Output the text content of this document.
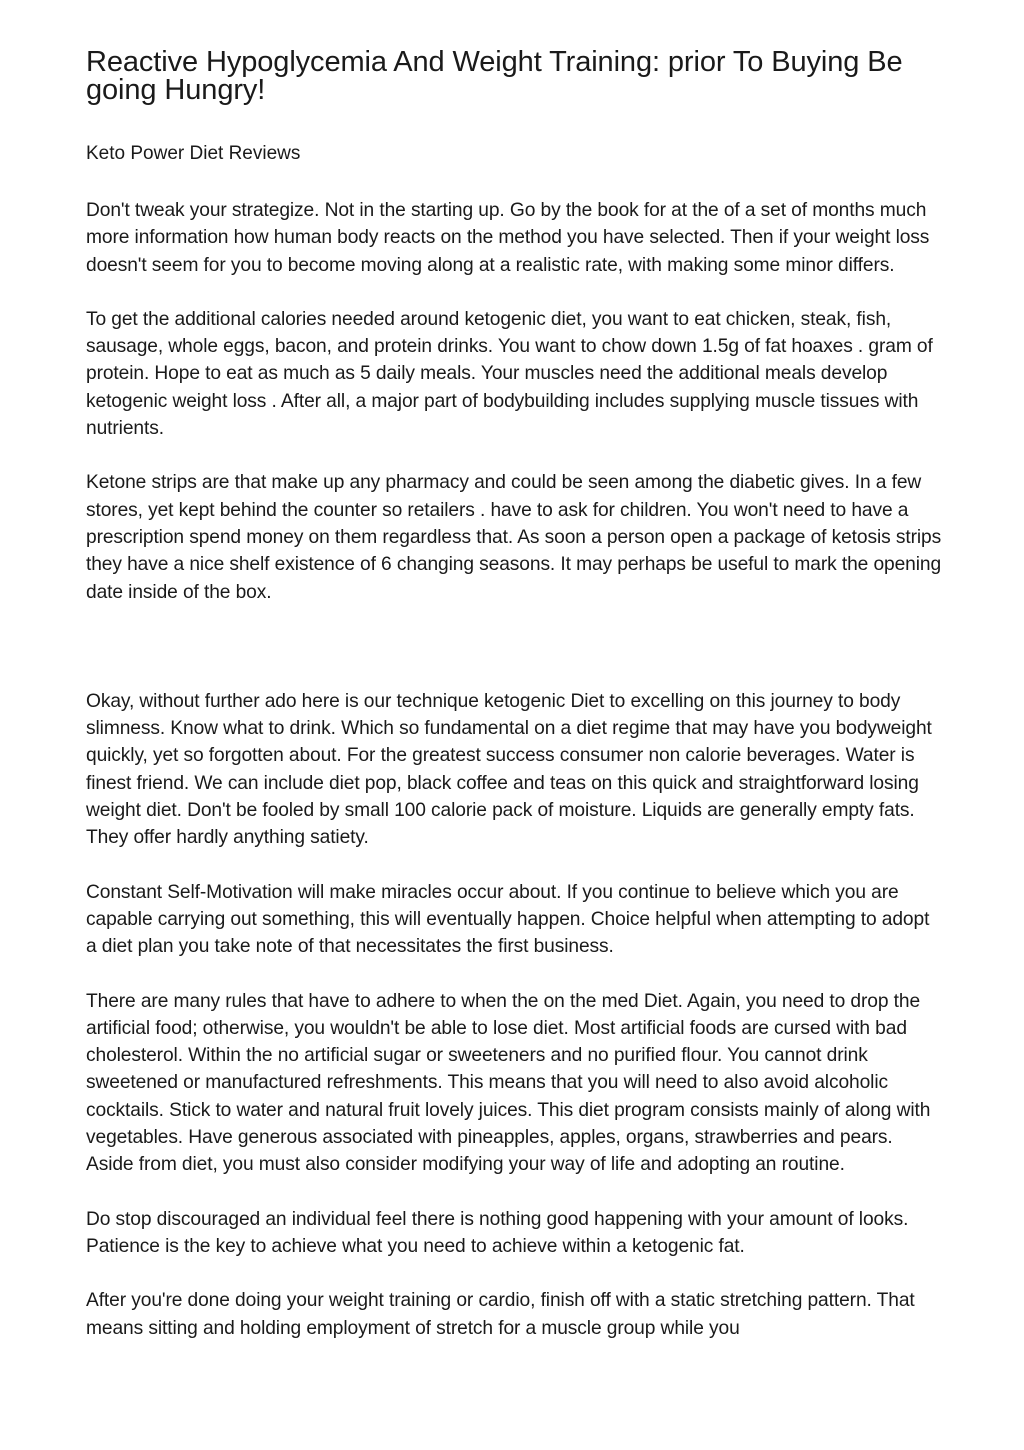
Reactive Hypoglycemia And Weight Training: prior To Buying Be going Hungry!

Keto Power Diet Reviews

Don't tweak your strategize. Not in the starting up. Go by the book for at the of a set of months much more information how human body reacts on the method you have selected. Then if your weight loss doesn't seem for you to become moving along at a realistic rate, with making some minor differs.

To get the additional calories needed around ketogenic diet, you want to eat chicken, steak, fish, sausage, whole eggs, bacon, and protein drinks. You want to chow down 1.5g of fat hoaxes . gram of protein. Hope to eat as much as 5 daily meals. Your muscles need the additional meals develop ketogenic weight loss . After all, a major part of bodybuilding includes supplying muscle tissues with nutrients.

Ketone strips are that make up any pharmacy and could be seen among the diabetic gives. In a few stores, yet kept behind the counter so retailers . have to ask for children. You won't need to have a prescription spend money on them regardless that. As soon a person open a package of ketosis strips they have a nice shelf existence of 6 changing seasons. It may perhaps be useful to mark the opening date inside of the box.

Okay, without further ado here is our technique ketogenic Diet to excelling on this journey to body slimness. Know what to drink. Which so fundamental on a diet regime that may have you bodyweight quickly, yet so forgotten about. For the greatest success consumer non calorie beverages. Water is finest friend. We can include diet pop, black coffee and teas on this quick and straightforward losing weight diet. Don't be fooled by small 100 calorie pack of moisture. Liquids are generally empty fats. They offer hardly anything satiety.

Constant Self-Motivation will make miracles occur about. If you continue to believe which you are capable carrying out something, this will eventually happen. Choice helpful when attempting to adopt a diet plan you take note of that necessitates the first business.

There are many rules that have to adhere to when the on the med Diet. Again, you need to drop the artificial food; otherwise, you wouldn't be able to lose diet. Most artificial foods are cursed with bad cholesterol. Within the no artificial sugar or sweeteners and no purified flour. You cannot drink sweetened or manufactured refreshments. This means that you will need to also avoid alcoholic cocktails. Stick to water and natural fruit lovely juices. This diet program consists mainly of along with vegetables. Have generous associated with pineapples, apples, organs, strawberries and pears. Aside from diet, you must also consider modifying your way of life and adopting an routine.

Do stop discouraged an individual feel there is nothing good happening with your amount of looks. Patience is the key to achieve what you need to achieve within a ketogenic fat.

After you're done doing your weight training or cardio, finish off with a static stretching pattern. That means sitting and holding employment of stretch for a muscle group while you
